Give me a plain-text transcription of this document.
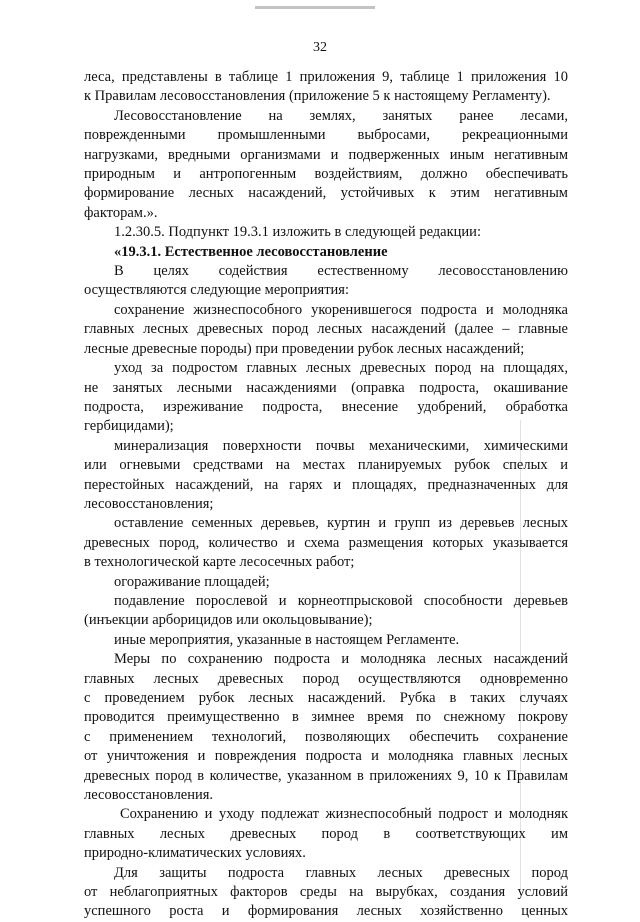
32

леса, представлены в таблице 1 приложения 9, таблице 1 приложения 10

к Правилам лесовосстановления (приложение 5 к настоящему Регламенту).

Лесовосстановление на землях, занятых ранее лесами,

поврежденными промышленными выбросами, рекреационными

нагрузками, вредными организмами и подверженных иным негативным

природным и антропогенным воздействиям, должно обеспечивать

формирование лесных насаждений, устойчивых к этим негативным

факторам.».

1.2.30.5. Подпункт 19.3.1 изложить в следующей редакции:

«19.3.1. Естественное лесовосстановление

В целях содействия естественному лесовосстановлению

осуществляются следующие мероприятия:

сохранение жизнеспособного укоренившегося подроста и молодняка

главных лесных древесных пород лесных насаждений (далее – главные

лесные древесные породы) при проведении рубок лесных насаждений;

уход за подростом главных лесных древесных пород на площадях,

не занятых лесными насаждениями (оправка подроста, окашивание

подроста, изреживание подроста, внесение удобрений, обработка

гербицидами);

минерализация поверхности почвы механическими, химическими

или огневыми средствами на местах планируемых рубок спелых и

перестойных насаждений, на гарях и площадях, предназначенных для

лесовосстановления;

оставление семенных деревьев, куртин и групп из деревьев лесных

древесных пород, количество и схема размещения которых указывается

в технологической карте лесосечных работ;

огораживание площадей;

подавление порослевой и корнеотпрысковой способности деревьев

(инъекции арборицидов или окольцовывание);

иные мероприятия, указанные в настоящем Регламенте.

Меры по сохранению подроста и молодняка лесных насаждений

главных лесных древесных пород осуществляются одновременно

с проведением рубок лесных насаждений. Рубка в таких случаях

проводится преимущественно в зимнее время по снежному покрову

с применением технологий, позволяющих обеспечить сохранение

от уничтожения и повреждения подроста и молодняка главных лесных

древесных пород в количестве, указанном в приложениях 9, 10 к Правилам

лесовосстановления.

Сохранению и уходу подлежат жизнеспособный подрост и молодняк

главных лесных древесных пород в соответствующих им

природно-климатических условиях.

Для защиты подроста главных лесных древесных пород

от неблагоприятных факторов среды на вырубках, создания условий

успешного роста и формирования лесных хозяйственно ценных
